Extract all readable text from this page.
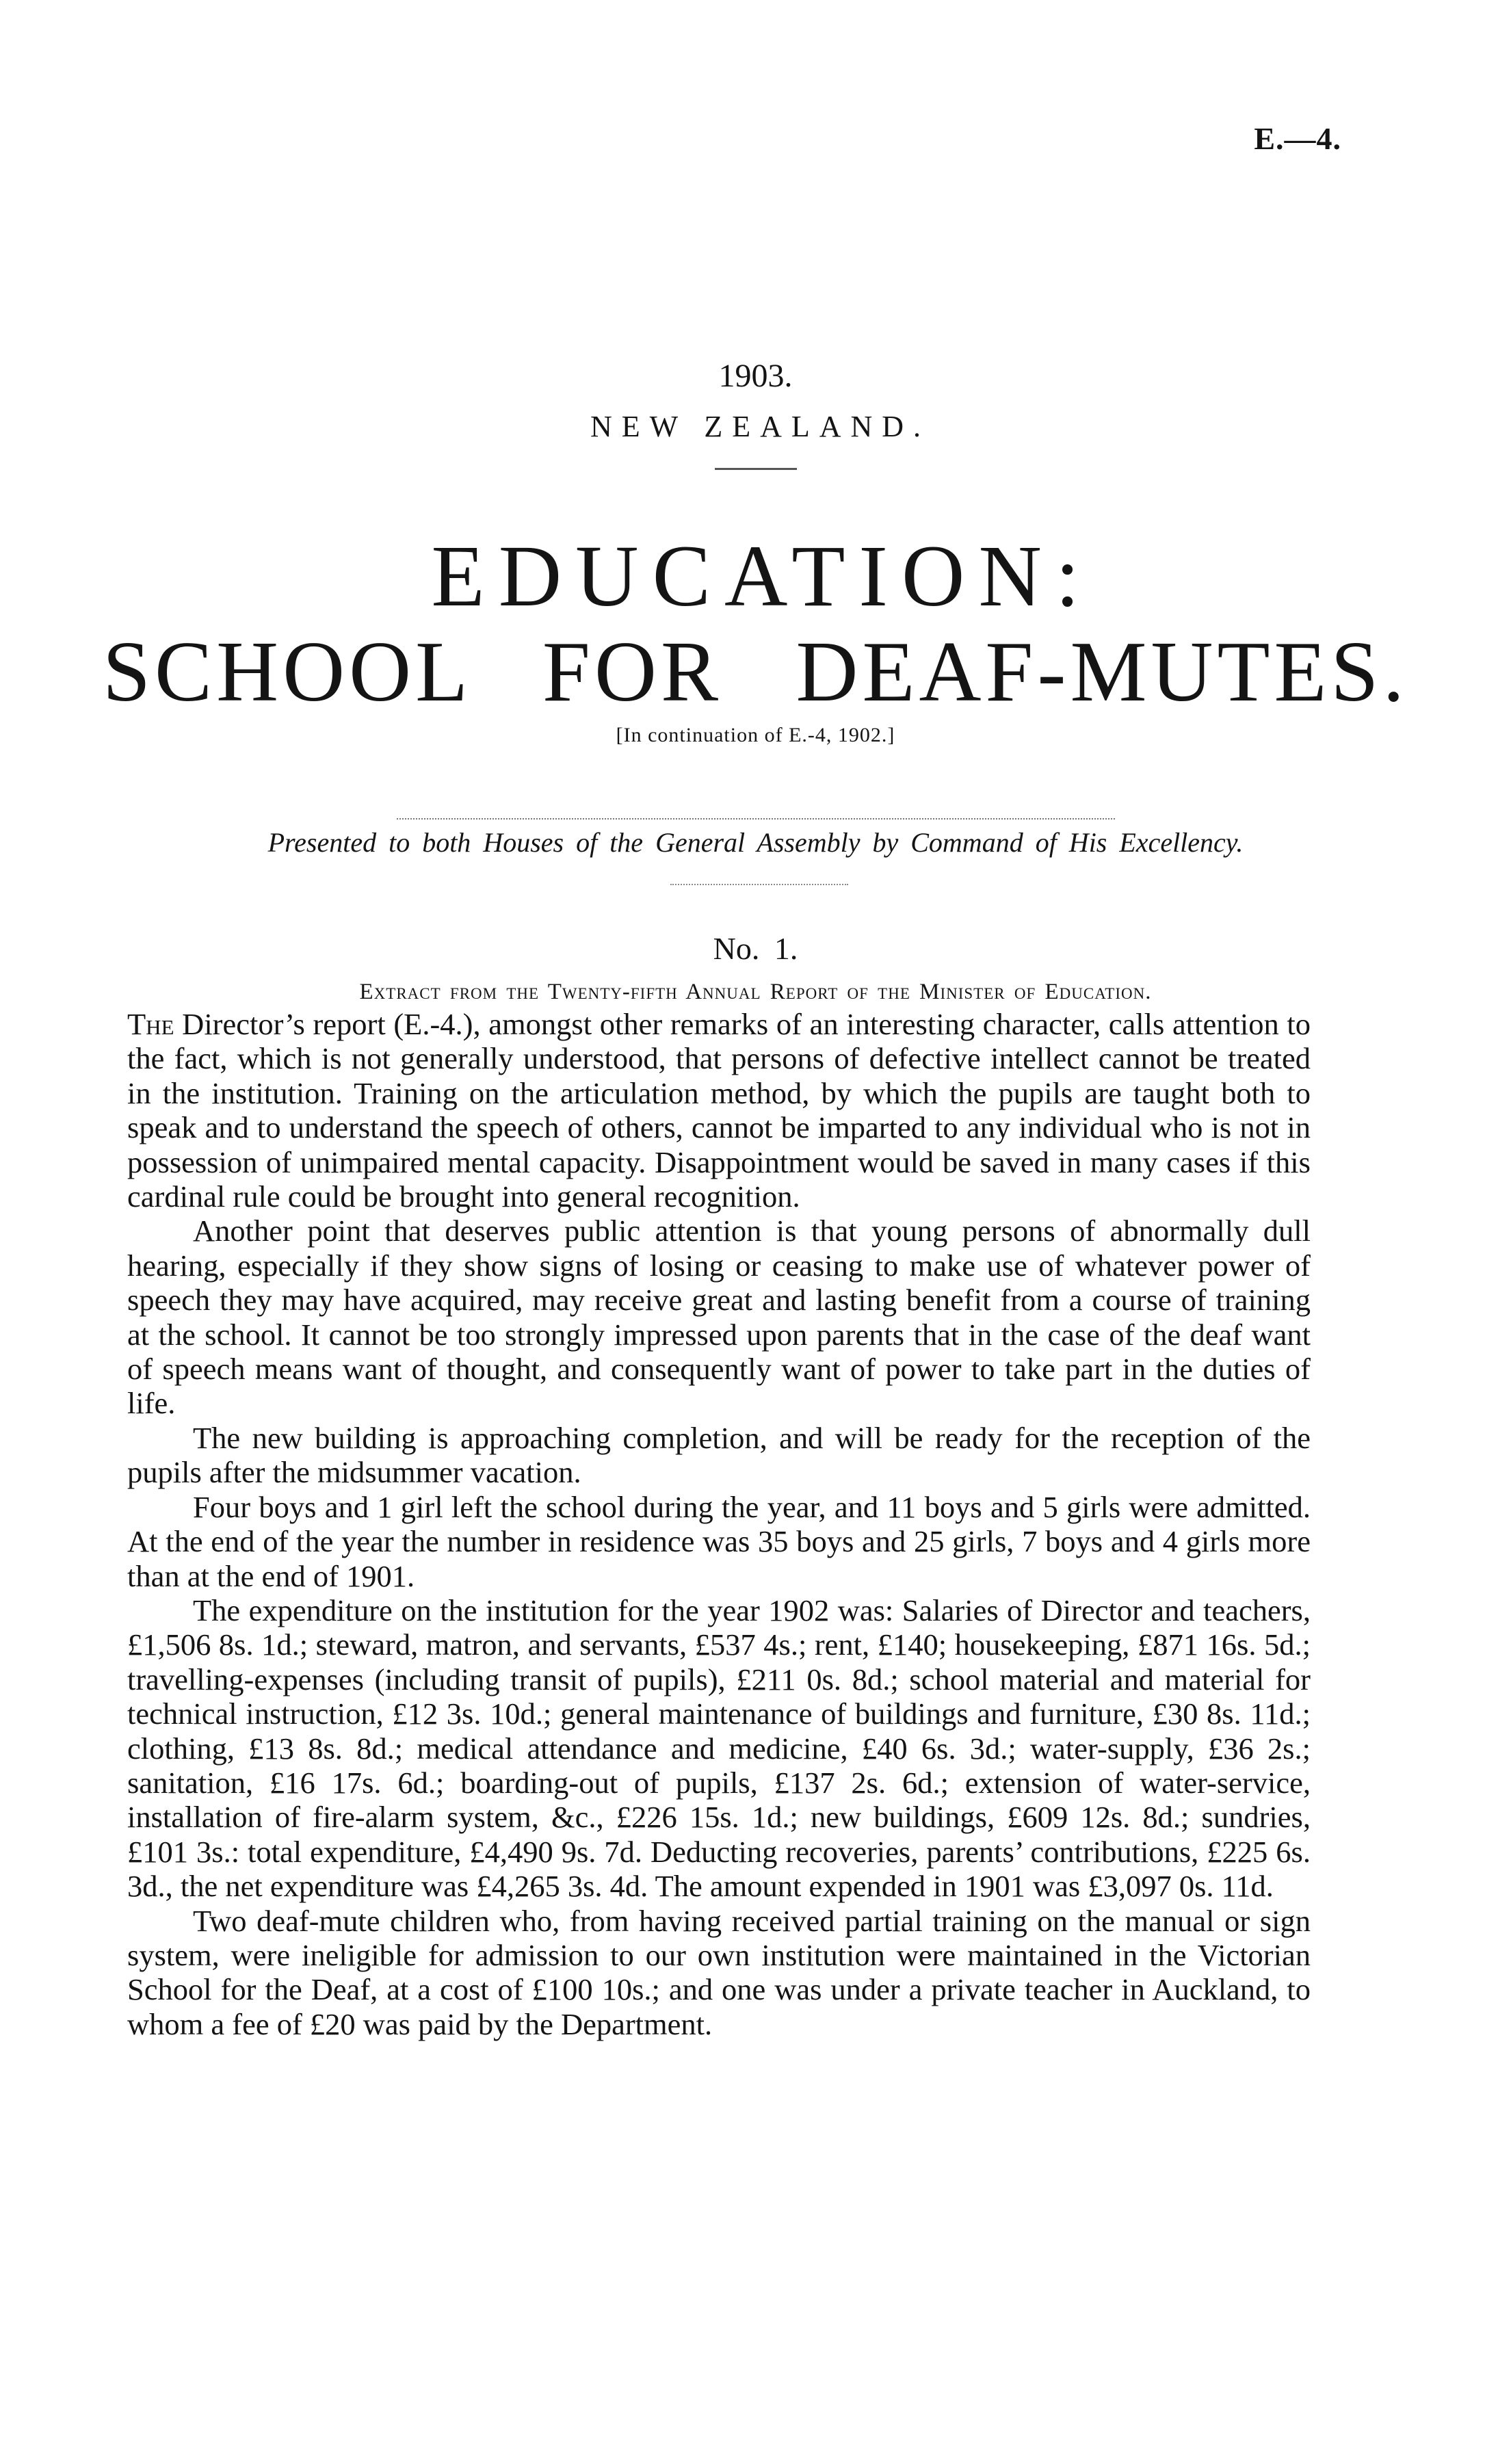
E.—4.
1903.
NEW ZEALAND.
EDUCATION:
SCHOOL FOR DEAF-MUTES.
[In continuation of E.-4, 1902.]
Presented to both Houses of the General Assembly by Command of His Excellency.
No. 1.
Extract from the Twenty-fifth Annual Report of the Minister of Education.

The Director’s report (E.-4.), amongst other remarks of an interesting character, calls attention to the fact, which is not generally understood, that persons of defective intellect cannot be treated in the institution. Training on the articulation method, by which the pupils are taught both to speak and to understand the speech of others, cannot be imparted to any individual who is not in possession of unimpaired mental capacity. Disappointment would be saved in many cases if this cardinal rule could be brought into general recognition.

Another point that deserves public attention is that young persons of abnormally dull hearing, especially if they show signs of losing or ceasing to make use of whatever power of speech they may have acquired, may receive great and lasting benefit from a course of training at the school. It cannot be too strongly impressed upon parents that in the case of the deaf want of speech means want of thought, and consequently want of power to take part in the duties of life.

The new building is approaching completion, and will be ready for the reception of the pupils after the midsummer vacation.

Four boys and 1 girl left the school during the year, and 11 boys and 5 girls were admitted. At the end of the year the number in residence was 35 boys and 25 girls, 7 boys and 4 girls more than at the end of 1901.

The expenditure on the institution for the year 1902 was: Salaries of Director and teachers, £1,506 8s. 1d.; steward, matron, and servants, £537 4s.; rent, £140; housekeeping, £871 16s. 5d.; travelling-expenses (including transit of pupils), £211 0s. 8d.; school material and material for technical instruction, £12 3s. 10d.; general maintenance of buildings and furniture, £30 8s. 11d.; clothing, £13 8s. 8d.; medical attendance and medicine, £40 6s. 3d.; water-supply, £36 2s.; sanitation, £16 17s. 6d.; boarding-out of pupils, £137 2s. 6d.; extension of water-service, installation of fire-alarm system, &c., £226 15s. 1d.; new buildings, £609 12s. 8d.; sundries, £101 3s.: total expenditure, £4,490 9s. 7d. Deducting recoveries, parents’ contributions, £225 6s. 3d., the net expenditure was £4,265 3s. 4d. The amount expended in 1901 was £3,097 0s. 11d.

Two deaf-mute children who, from having received partial training on the manual or sign system, were ineligible for admission to our own institution were maintained in the Victorian School for the Deaf, at a cost of £100 10s.; and one was under a private teacher in Auckland, to whom a fee of £20 was paid by the Department.
